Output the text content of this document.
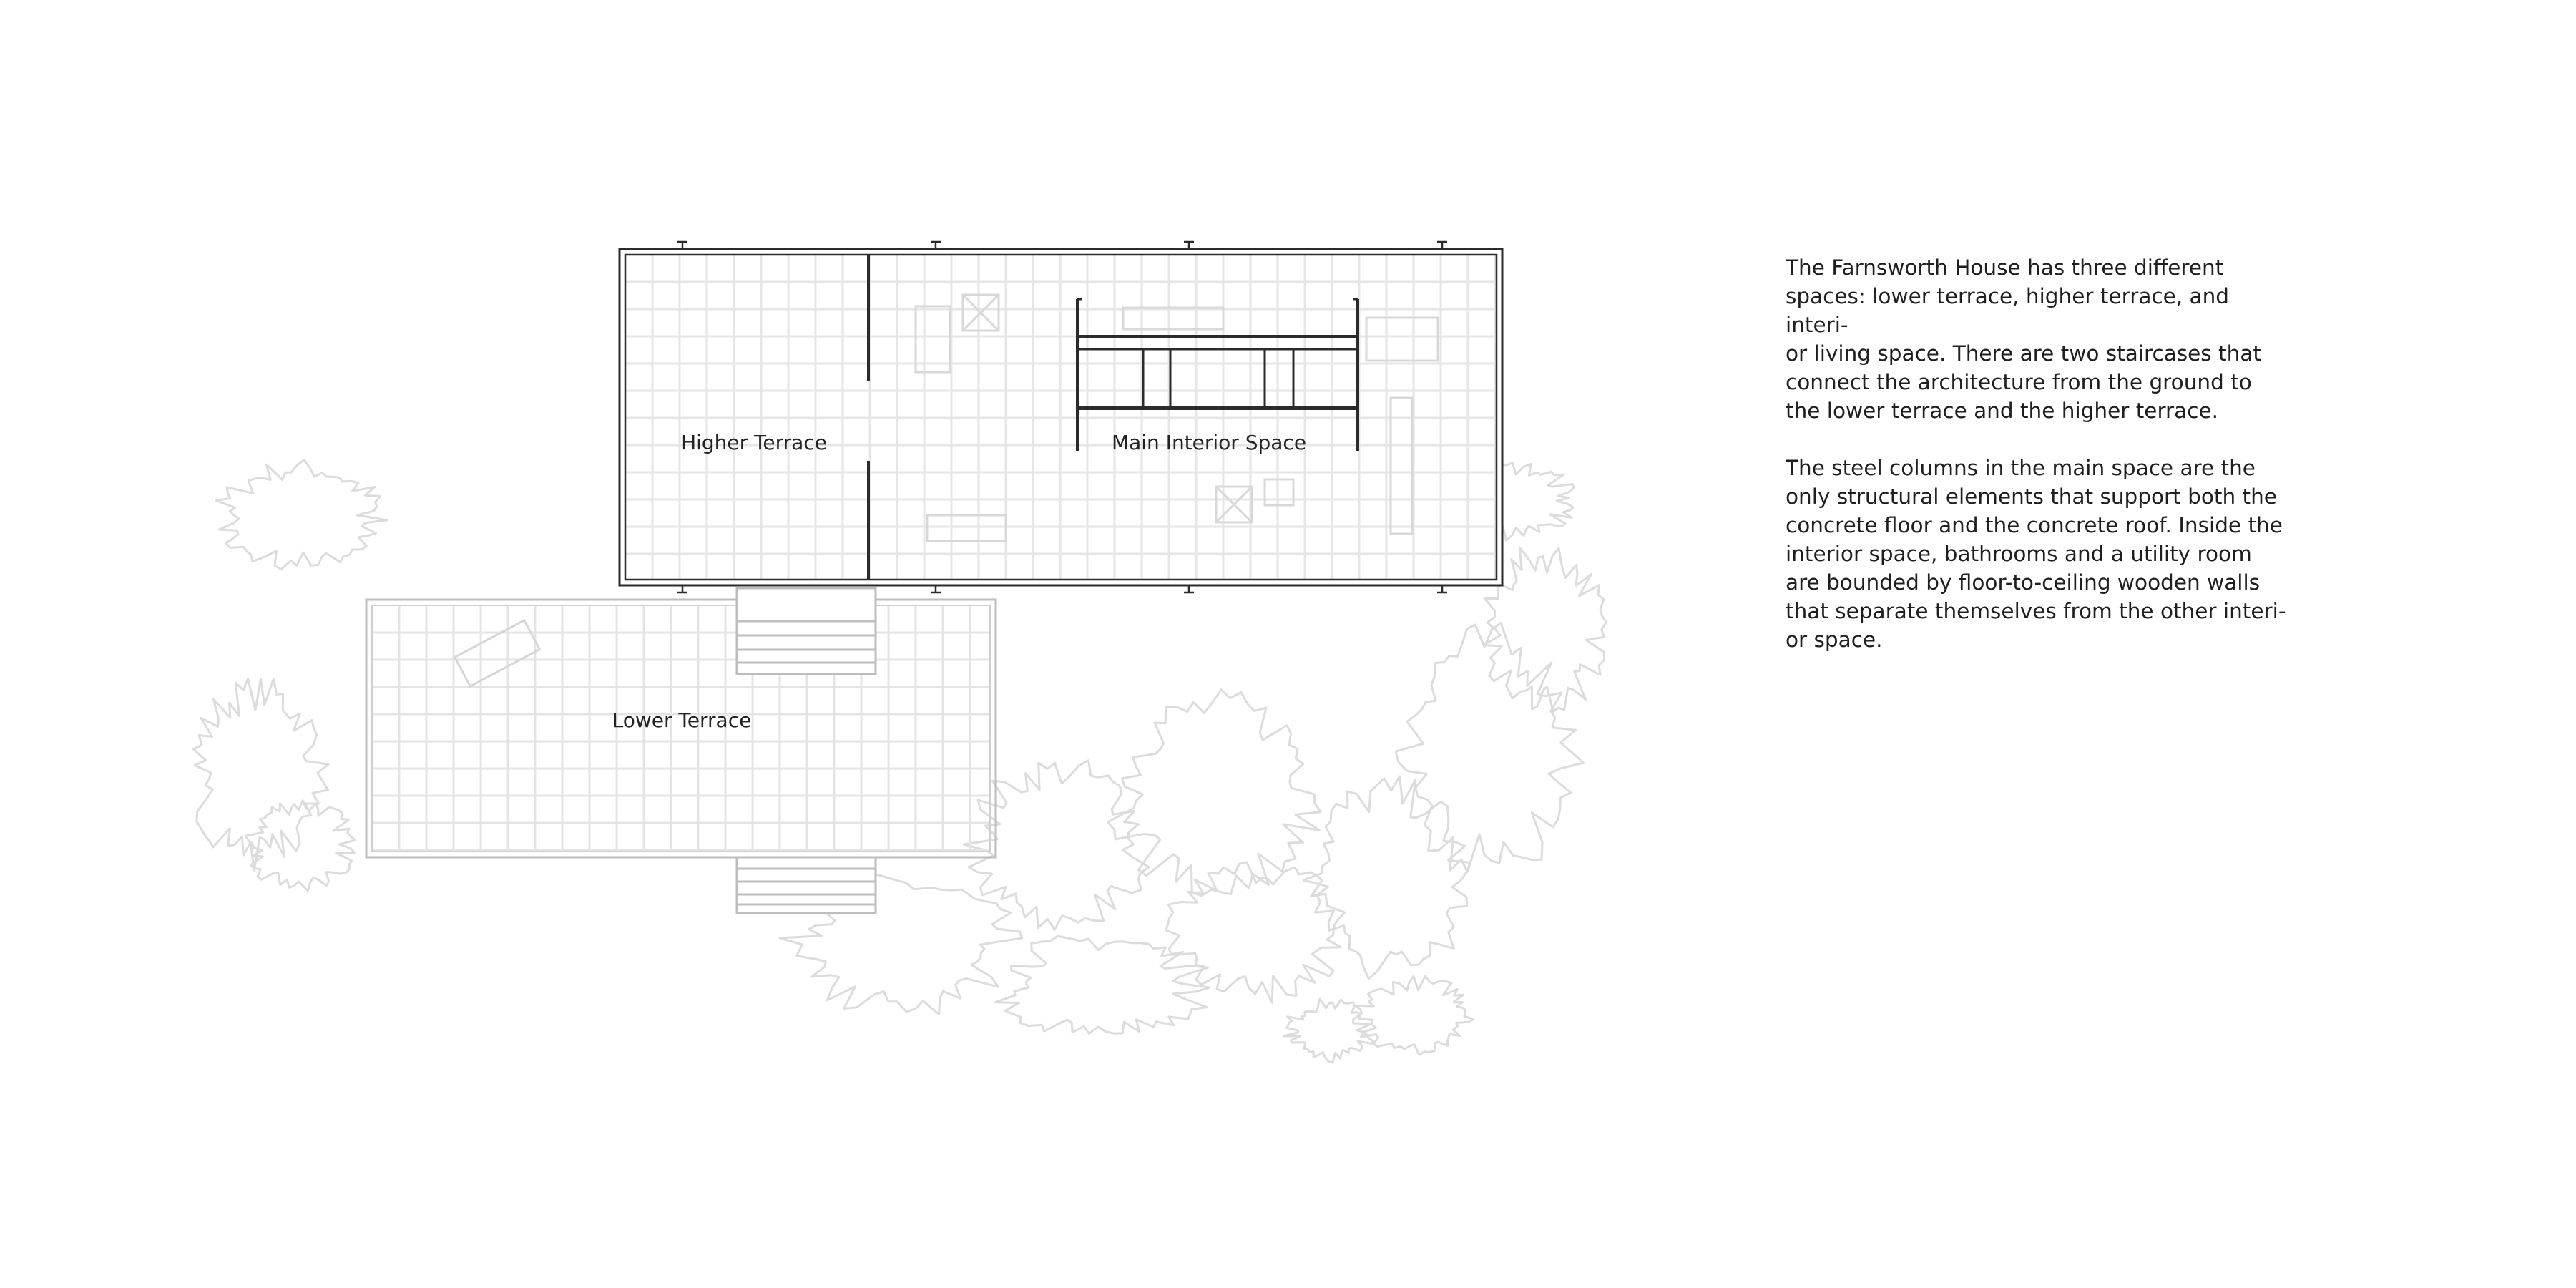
Higher Terrace	Main Interior Space
Lower Terrace

The Farnsworth House has three different
spaces: lower terrace, higher terrace, and interi-
or living space. There are two staircases that
connect the architecture from the ground to
the lower terrace and the higher terrace.

The steel columns in the main space are the
only structural elements that support both the
concrete floor and the concrete roof. Inside the
interior space, bathrooms and a utility room
are bounded by floor-to-ceiling wooden walls
that separate themselves from the other interi-
or space.
